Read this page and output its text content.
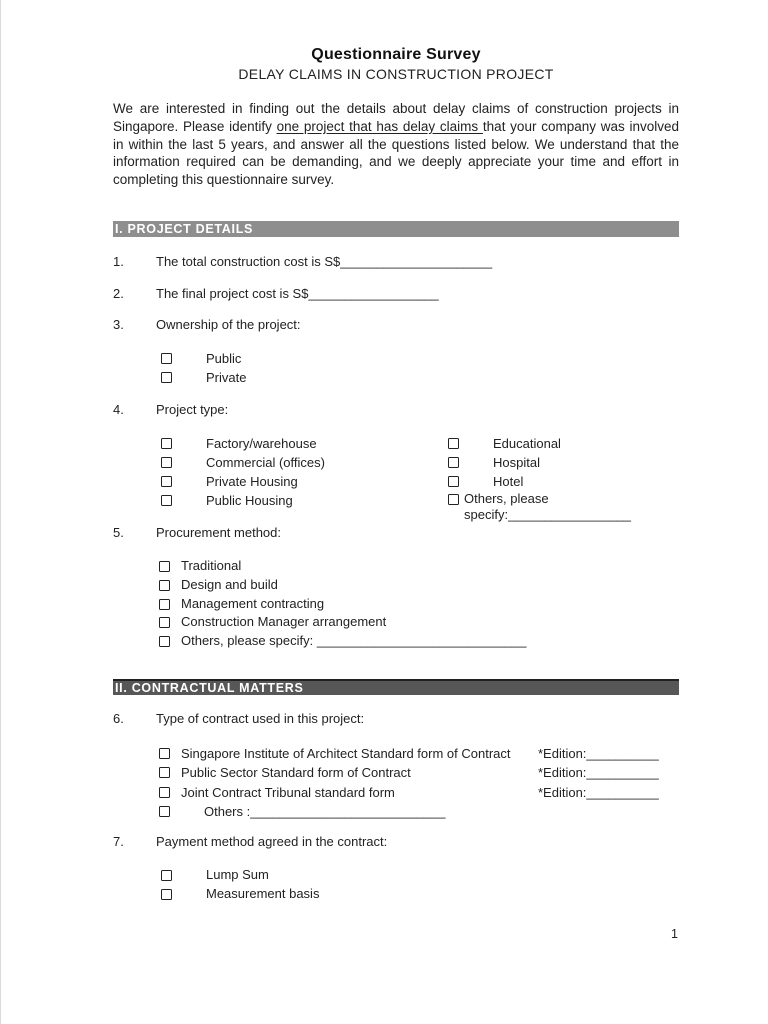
Questionnaire Survey
DELAY CLAIMS IN CONSTRUCTION PROJECT

We are interested in finding out the details about delay claims of construction projects in Singapore. Please identify one project that has delay claims that your company was involved in within the last 5 years, and answer all the questions listed below. We understand that the information required can be demanding, and we deeply appreciate your time and effort in completing this questionnaire survey.

I. PROJECT DETAILS
1.	The total construction cost is S$_____________________
2.	The final project cost is S$__________________
3.	Ownership of the project:
Public
Private
4.	Project type:
Factory/warehouse
Commercial (offices)
Private Housing
Public Housing
Educational
Hospital
Hotel
Others, please
specify:_________________
5.	Procurement method:
Traditional
Design and build
Management contracting
Construction Manager arrangement
Others, please specify: _____________________________
II. CONTRACTUAL MATTERS
6.	Type of contract used in this project:
Singapore Institute of Architect Standard form of Contract	*Edition:__________
Public Sector Standard form of Contract	*Edition:__________
Joint Contract Tribunal standard form	*Edition:__________
Others :___________________________
7.	Payment method agreed in the contract:
Lump Sum
Measurement basis
1
